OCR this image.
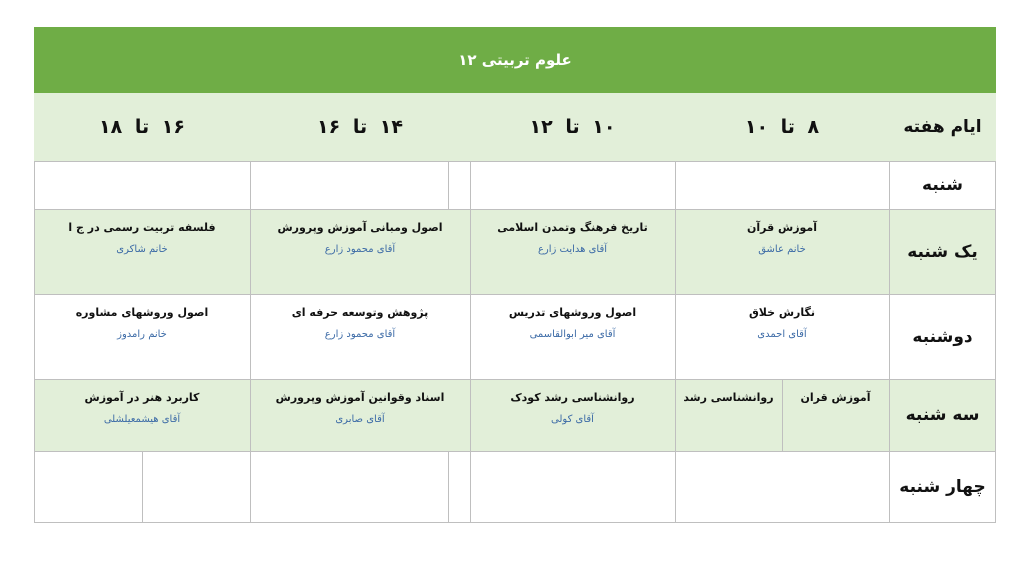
علوم تربیتی ۱۲
ایام هفته
۸ تا ۱۰
۱۰ تا ۱۲
۱۴ تا ۱۶
۱۶ تا ۱۸
شنبه
یک شنبه
آموزش قرآن
خانم عاشق
تاریخ فرهنگ وتمدن اسلامی
آقای هدایت زارع
اصول ومبانی آموزش وپرورش
آقای محمود زارع
فلسفه تربیت رسمی در ج ا
خانم شاکری
دوشنبه
نگارش خلاق
آقای احمدی
اصول وروشهای تدریس
آقای میر ابوالقاسمی
پژوهش وتوسعه حرفه ای
آقای محمود زارع
اصول وروشهای مشاوره
خانم رامدوز
سه شنبه
آموزش قران
روانشناسی رشد
روانشناسی رشد کودک
آقای کولی
اسناد وقوانین آموزش وپرورش
آقای صابری
کاربرد هنر در آموزش
آقای هیشمعیلشلی
چهار شنبه
